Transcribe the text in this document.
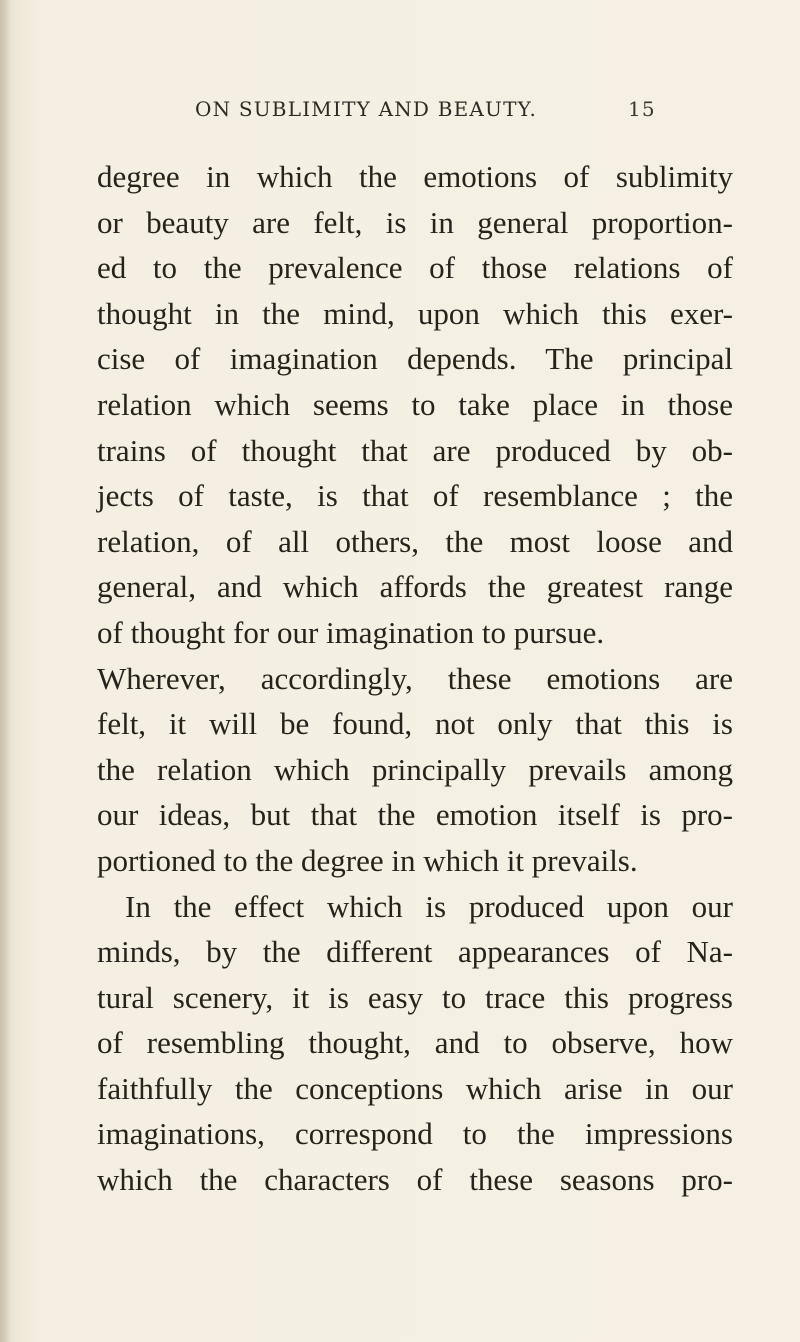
ON SUBLIMITY AND BEAUTY.	15
degree in which the emotions of sublimity
or beauty are felt, is in general proportion-
ed to the prevalence of those relations of
thought in the mind, upon which this exer-
cise of imagination depends. The principal
relation which seems to take place in those
trains of thought that are produced by ob-
jects of taste, is that of resemblance ; the
relation, of all others, the most loose and
general, and which affords the greatest range
of thought for our imagination to pursue.
Wherever, accordingly, these emotions are
felt, it will be found, not only that this is
the relation which principally prevails among
our ideas, but that the emotion itself is pro-
portioned to the degree in which it prevails.
In the effect which is produced upon our
minds, by the different appearances of Na-
tural scenery, it is easy to trace this progress
of resembling thought, and to observe, how
faithfully the conceptions which arise in our
imaginations, correspond to the impressions
which the characters of these seasons pro-
